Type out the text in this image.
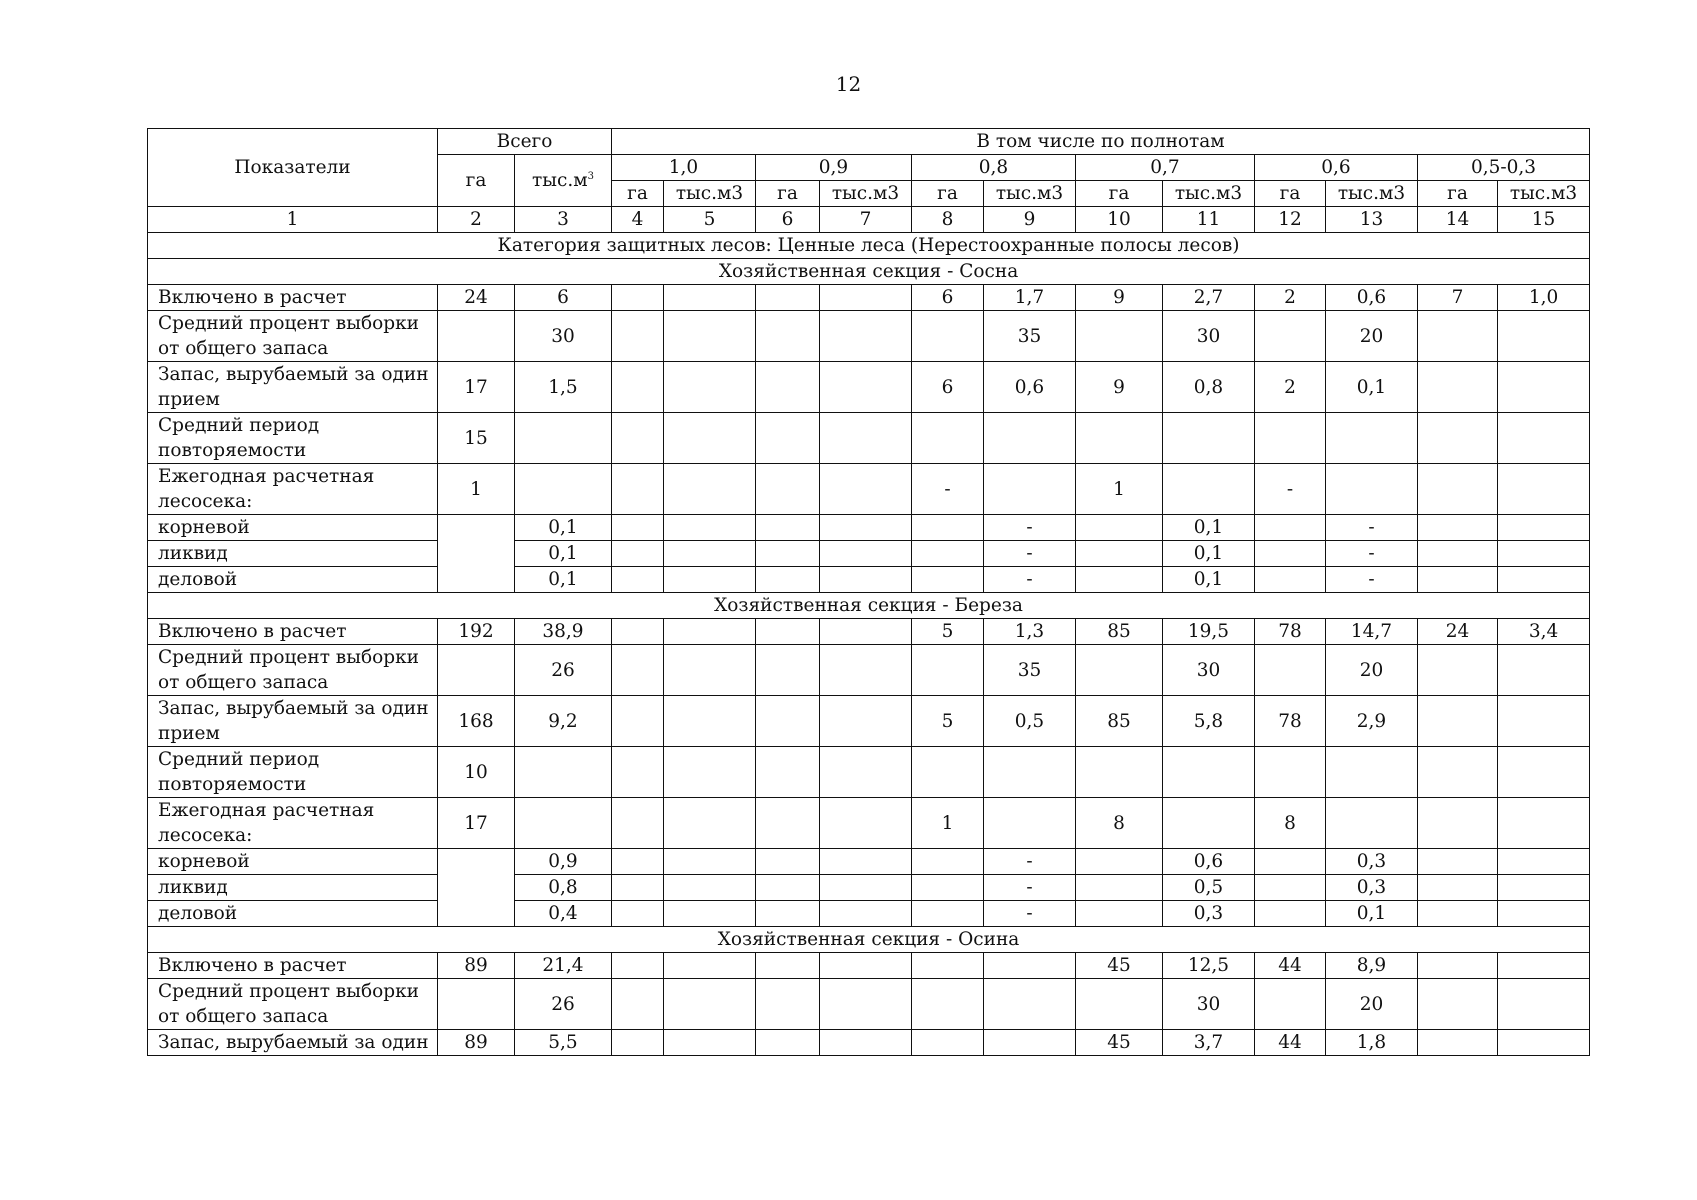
12
Показатели	Всего		В том числе по полнотам											
	га	$тыс.м^3$	1,0		0,9		0,8		0,7		0,6		0,5-0,3	
			га	тыс.м3	га	тыс.м3	га	тыс.м3	га	тыс.м3	га	тыс.м3	га	тыс.м3
1	2	3	4	5	6	7	8	9	10	11	12	13	14	15
Категория защитных лесов: Ценные леса (Нерестоохранные полосы лесов)														
Хозяйственная секция - Сосна														
Включено в расчет	24	6					6	1,7	9	2,7	2	0,6	7	1,0
Средний процент выборки от общего запаса		30						35		30		20		
Запас, вырубаемый за один прием	17	1,5					6	0,6	9	0,8	2	0,1		
Средний период повторяемости	15													
Ежегодная расчетная лесосека:	1						-		1		-			
корневой		0,1						-		0,1		-		
ликвид		0,1						-		0,1		-		
деловой		0,1						-		0,1		-		
Хозяйственная секция - Береза														
Включено в расчет	192	38,9					5	1,3	85	19,5	78	14,7	24	3,4
Средний процент выборки от общего запаса		26						35		30		20		
Запас, вырубаемый за один прием	168	9,2					5	0,5	85	5,8	78	2,9		
Средний период повторяемости	10													
Ежегодная расчетная лесосека:	17						1		8		8			
корневой		0,9						-		0,6		0,3		
ликвид		0,8						-		0,5		0,3		
деловой		0,4						-		0,3		0,1		
Хозяйственная секция - Осина														
Включено в расчет	89	21,4							45	12,5	44	8,9		
Средний процент выборки от общего запаса		26								30		20		
Запас, вырубаемый за один	89	5,5							45	3,7	44	1,8		
